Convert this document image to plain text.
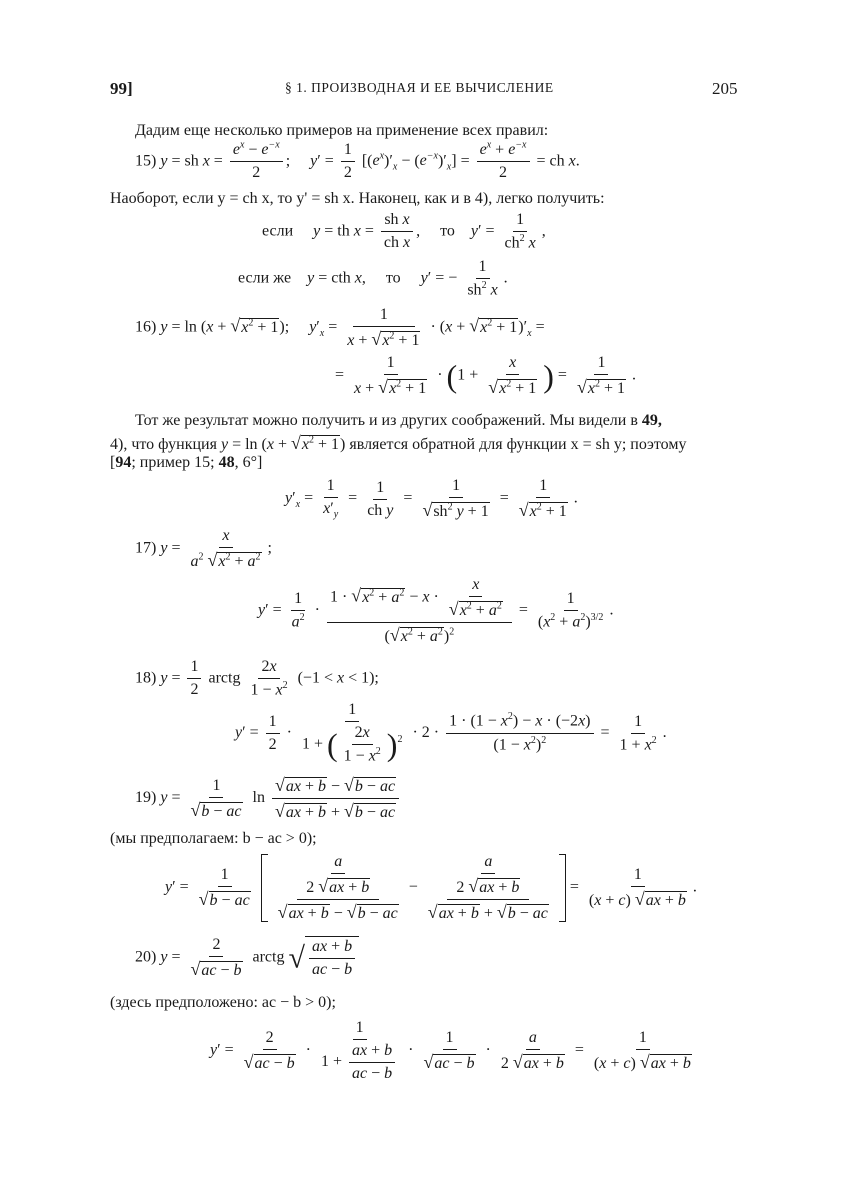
99]	§ 1. ПРОИЗВОДНАЯ И ЕЕ ВЫЧИСЛЕНИЕ	205
Дадим еще несколько примеров на применение всех правил:
15) y = sh $x = \frac{e^x - e^{-x}}{2}$ ;     $y' = \frac{1}{2} [(e^x)'_x - (e^{-x})'_x] = \frac{e^x + e^{-x}}{2}$ = ch x.
Наоборот, если y = ch x, то y' = sh x. Наконец, как и в 4), легко получить:
если y = th $x = \frac{\text{sh x}}{\text{ch x}}$ ,     то $y' = \frac{1}{ch^2 x}$ ,
если же y = cth x,     то y′ = − $\frac{1}{sh^2 x}$ .
16) $y = \ln (x + √x^2 + 1)$;     $y'_x = \frac{1}{x + √x^2 + 1} \cdot (x + √x^2 + 1)'_x$ =
= $\frac{1}{x + √x^2 + 1} \cdot (1 + \frac{x}{√x^2 + 1}$ ) = $\frac{1}{√x^2 + 1}$ .
Тот же результат можно получить и из других соображений. Мы видели в 49,
4), что функция $y = \ln (x + √x^2 + 1)$ является обратной для функции x = sh y; поэтому
[94; пример 15; 48, 6°]
$y'_x = \frac{1}{x'_y} = \frac{1}{\text{ch y}} = \frac{1}{√sh^2 y + 1} = \frac{1}{√x^2 + 1}$ .
17) $y = \frac{x}{a^2 √x^2 + a^2}$ ;
$y' = \frac{1}{a^2} \cdot \frac{1 \cdot √x^2 + a^2 - x \cdot \frac{x}{√x^2 + a^2}}{(√x^2 + a^2)^2} = \frac{1}{(x^2 + a^2)^{3/2}}$ .
18) $y = \frac{1}{2}$ arctg $\frac{2x}{1 - x^2} (-1 < x < 1)$;
$y' = \frac{1}{2} \cdot \frac{1}{1 + ( \frac{2x}{1 - x^2} )^2} \cdot 2 \cdot \frac{1 \cdot (1 - x^2) - x \cdot (-2x)}{(1 - x^2)^2} = \frac{1}{1 + x^2}$ .
19) $y = \frac{1}{√b - ac}$ $\ln \frac{√ax + b - √b - ac}{√ax + b + √b - ac}$
(мы предполагаем: b − ac > 0);
$y' = \frac{1}{√b - ac}$
$\frac{\frac{a}{2 √ax + b}}{√ax + b - √b - ac} - \frac{\frac{a}{2 √ax + b}}{√ax + b + √b - ac} = \frac{1}{(x + c) √ax + b}$ .
20) $y = \frac{2}{√ac - b}$ arctg √ $\frac{ax + b}{ac - b}$
(здесь предположено: ac − b > 0);
$y' = \frac{2}{√ac - b} \cdot \frac{1}{1 + \frac{ax + b}{ac - b}} \cdot \frac{1}{√ac - b} \cdot \frac{a}{2 √ax + b} = \frac{1}{(x + c) √ax + b}$
